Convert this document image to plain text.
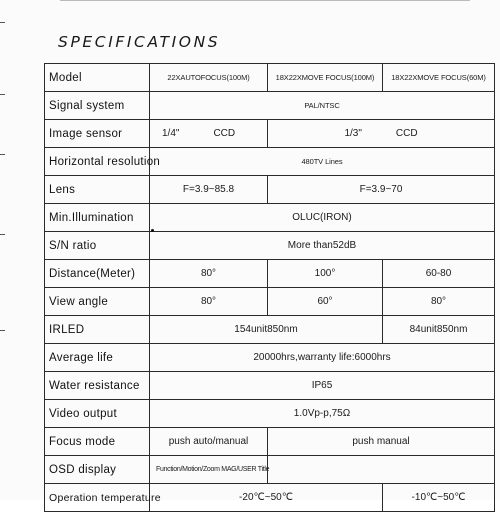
SPECIFICATIONS
Model	22XAUTOFOCUS(100M)	18X22XMOVE FOCUS(100M)	18X22XMOVE FOCUS(60M)
Signal system	PAL/NTSC		
Image sensor	1/4" CCD	1/3" CCD	
Horizontal resolution	480TV Lines		
Lens	F=3.9~85.8	F=3.9~70	
Min.Illumination	OLUC(IRON)		
S/N ratio	More than52dB		
Distance(Meter)	80°	100°	60-80
View angle	80°	60°	80°
IRLED	154unit850nm		84unit850nm
Average life	20000hrs,warranty life:6000hrs		
Water resistance	IP65		
Video output	1.0Vp-p,75Ω		
Focus mode	push auto/manual	push manual	
OSD display	Function/Motion/Zoom MAG/USER Title		
Operation temperature	-20℃~50℃		-10℃~50℃
